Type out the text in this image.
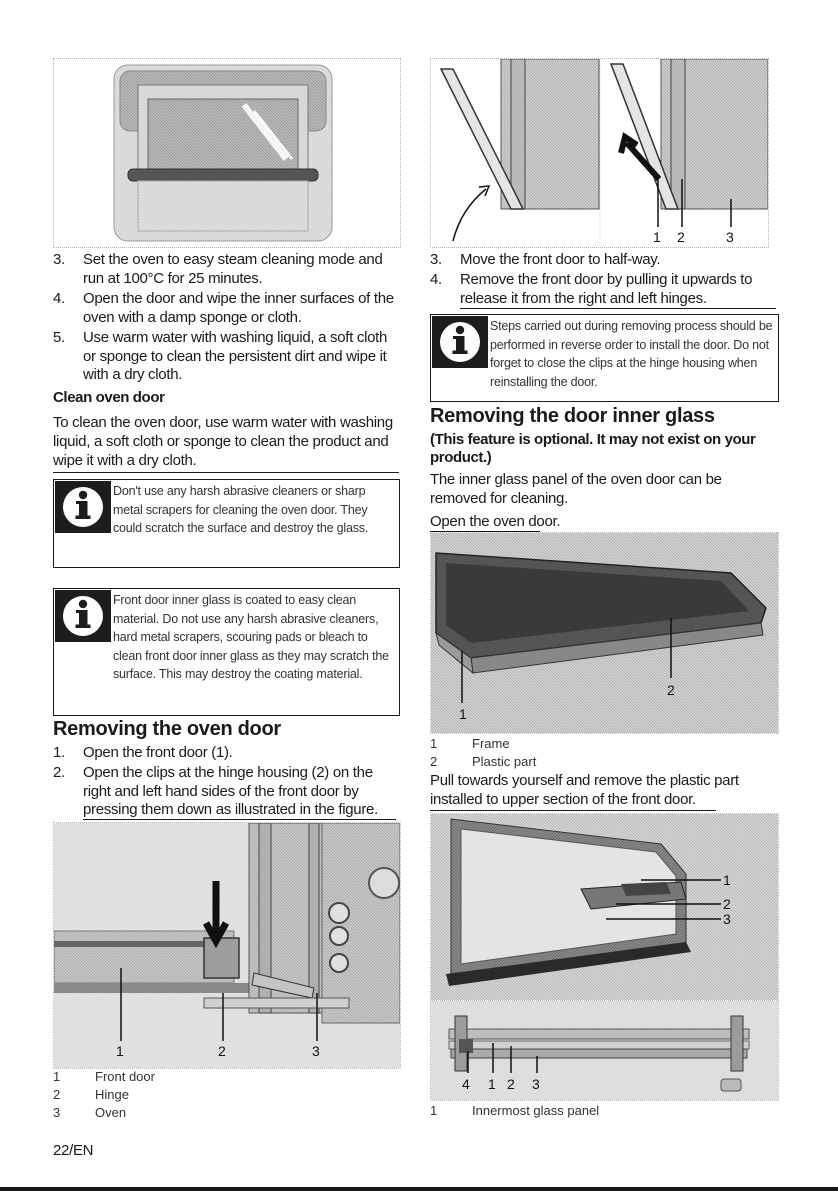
3.	Set the oven to easy steam cleaning mode and run at 100°C for 25 minutes.
4.	Open the door and wipe the inner surfaces of the oven with a damp sponge or cloth.
5.	Use warm water with washing liquid, a soft cloth or sponge to clean the persistent dirt and wipe it with a dry cloth.
Clean oven door
To clean the oven door, use warm water with washing liquid, a soft cloth or sponge to clean the product and wipe it with a dry cloth.
Don't use any harsh abrasive cleaners or sharp metal scrapers for cleaning the oven door. They could scratch the surface and destroy the glass.
Front door inner glass is coated to easy clean material. Do not use any harsh abrasive cleaners, hard metal scrapers, scouring pads or bleach to clean front door inner glass as they may scratch the surface. This may destroy the coating material.
Removing the oven door
1.	Open the front door (1).
2.	Open the clips at the hinge housing (2) on the right and left hand sides of the front door by pressing them down as illustrated in the figure.
1	2	3
1	Front door
2	Hinge
3	Oven
22/EN
1 2	3
3.	Move the front door to half-way.
4.	Remove the front door by pulling it upwards to release it from the right and left hinges.
Steps carried out during removing process should be performed in reverse order to install the door. Do not forget to close the clips at the hinge housing when reinstalling the door.
Removing the door inner glass
(This feature is optional. It may not exist on your product.)
The inner glass panel of the oven door can be removed for cleaning.
Open the oven door.
1
2
1	Frame
2	Plastic part
Pull towards yourself and remove the plastic part installed to upper section of the front door.
1
2
3
4 1 2 3
1	Innermost glass panel
